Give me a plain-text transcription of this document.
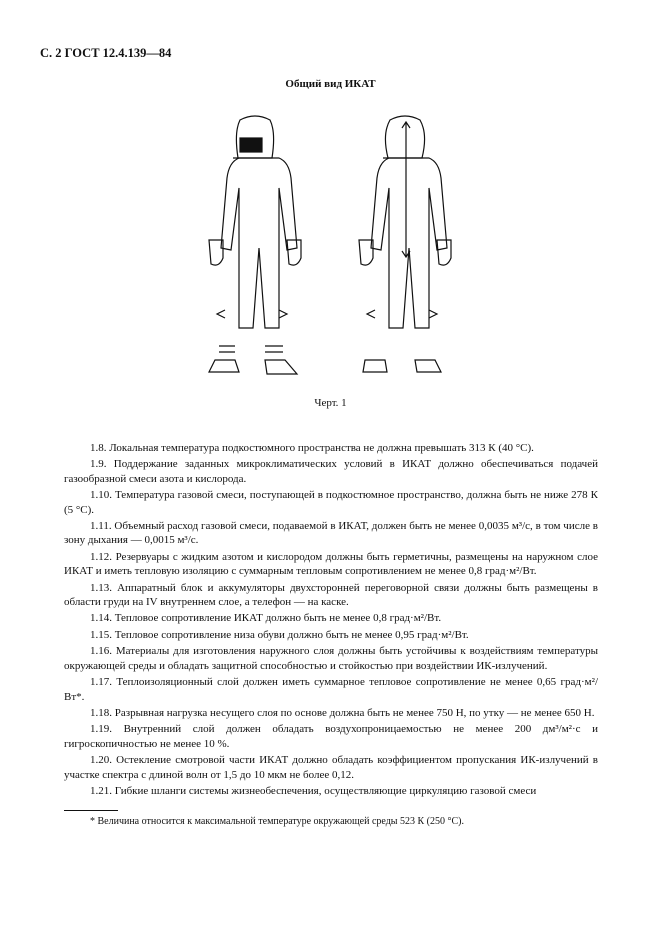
С. 2 ГОСТ 12.4.139—84
Общий вид ИКАТ
Черт. 1

1.8. Локальная температура подкостюмного пространства не должна превышать 313 К (40 °С).

1.9. Поддержание заданных микроклиматических условий в ИКАТ должно обеспечиваться подачей газообразной смеси азота и кислорода.

1.10. Температура газовой смеси, поступающей в подкостюмное пространство, должна быть не ниже 278 К (5 °С).

1.11. Объемный расход газовой смеси, подаваемой в ИКАТ, должен быть не менее 0,0035 м³/с, в том числе в зону дыхания — 0,0015 м³/с.

1.12. Резервуары с жидким азотом и кислородом должны быть герметичны, размещены на наружном слое ИКАТ и иметь тепловую изоляцию с суммарным тепловым сопротивлением не менее 0,8 град·м²/Вт.

1.13. Аппаратный блок и аккумуляторы двухсторонней переговорной связи должны быть размещены в области груди на IV внутреннем слое, а телефон — на каске.

1.14. Тепловое сопротивление ИКАТ должно быть не менее 0,8 град·м²/Вт.

1.15. Тепловое сопротивление низа обуви должно быть не менее 0,95 град·м²/Вт.

1.16. Материалы для изготовления наружного слоя должны быть устойчивы к воздействиям температуры окружающей среды и обладать защитной способностью и стойкостью при воздействии ИК-излучений.

1.17. Теплоизоляционный слой должен иметь суммарное тепловое сопротивление не менее 0,65 град·м²/Вт*.

1.18. Разрывная нагрузка несущего слоя по основе должна быть не менее 750 Н, по утку — не менее 650 Н.

1.19. Внутренний слой должен обладать воздухопроницаемостью не менее 200 дм³/м²·с и гигроскопичностью не менее 10 %.

1.20. Остекление смотровой части ИКАТ должно обладать коэффициентом пропускания ИК-излучений в участке спектра с длиной волн от 1,5 до 10 мкм не более 0,12.

1.21. Гибкие шланги системы жизнеобеспечения, осуществляющие циркуляцию газовой смеси

* Величина относится к максимальной температуре окружающей среды 523 К (250 °С).
